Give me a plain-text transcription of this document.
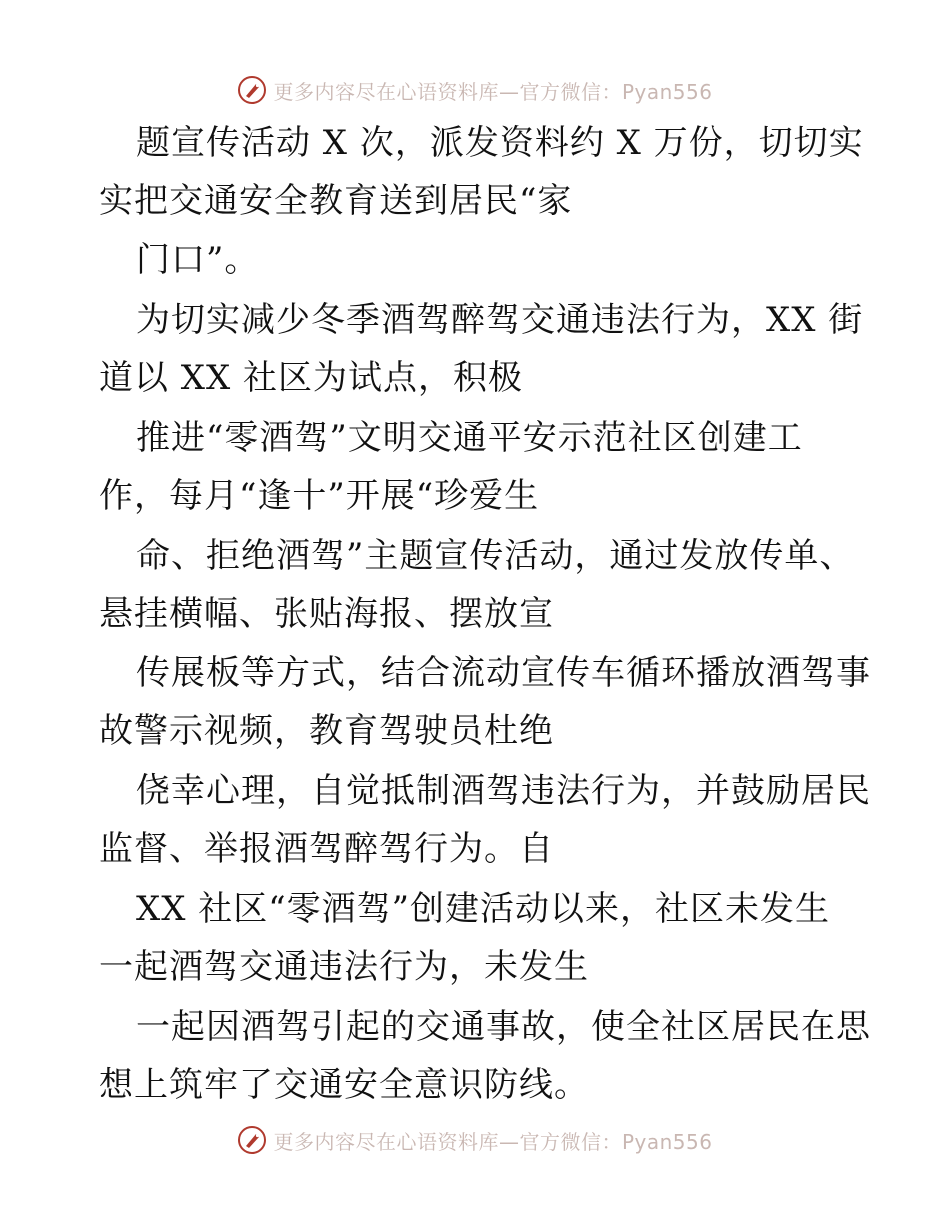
更多内容尽在心语资料库—官方微信：Pyan556
题宣传活动 X 次，派发资料约 X 万份，切切实
实把交通安全教育送到居民“家
门口”。
为切实减少冬季酒驾醉驾交通违法行为，XX 街
道以 XX 社区为试点，积极
推进“零酒驾”文明交通平安示范社区创建工
作，每月“逢十”开展“珍爱生
命、拒绝酒驾”主题宣传活动，通过发放传单、
悬挂横幅、张贴海报、摆放宣
传展板等方式，结合流动宣传车循环播放酒驾事
故警示视频，教育驾驶员杜绝
侥幸心理，自觉抵制酒驾违法行为，并鼓励居民
监督、举报酒驾醉驾行为。自
XX 社区“零酒驾”创建活动以来，社区未发生
一起酒驾交通违法行为，未发生
一起因酒驾引起的交通事故，使全社区居民在思
想上筑牢了交通安全意识防线。
更多内容尽在心语资料库—官方微信：Pyan556
